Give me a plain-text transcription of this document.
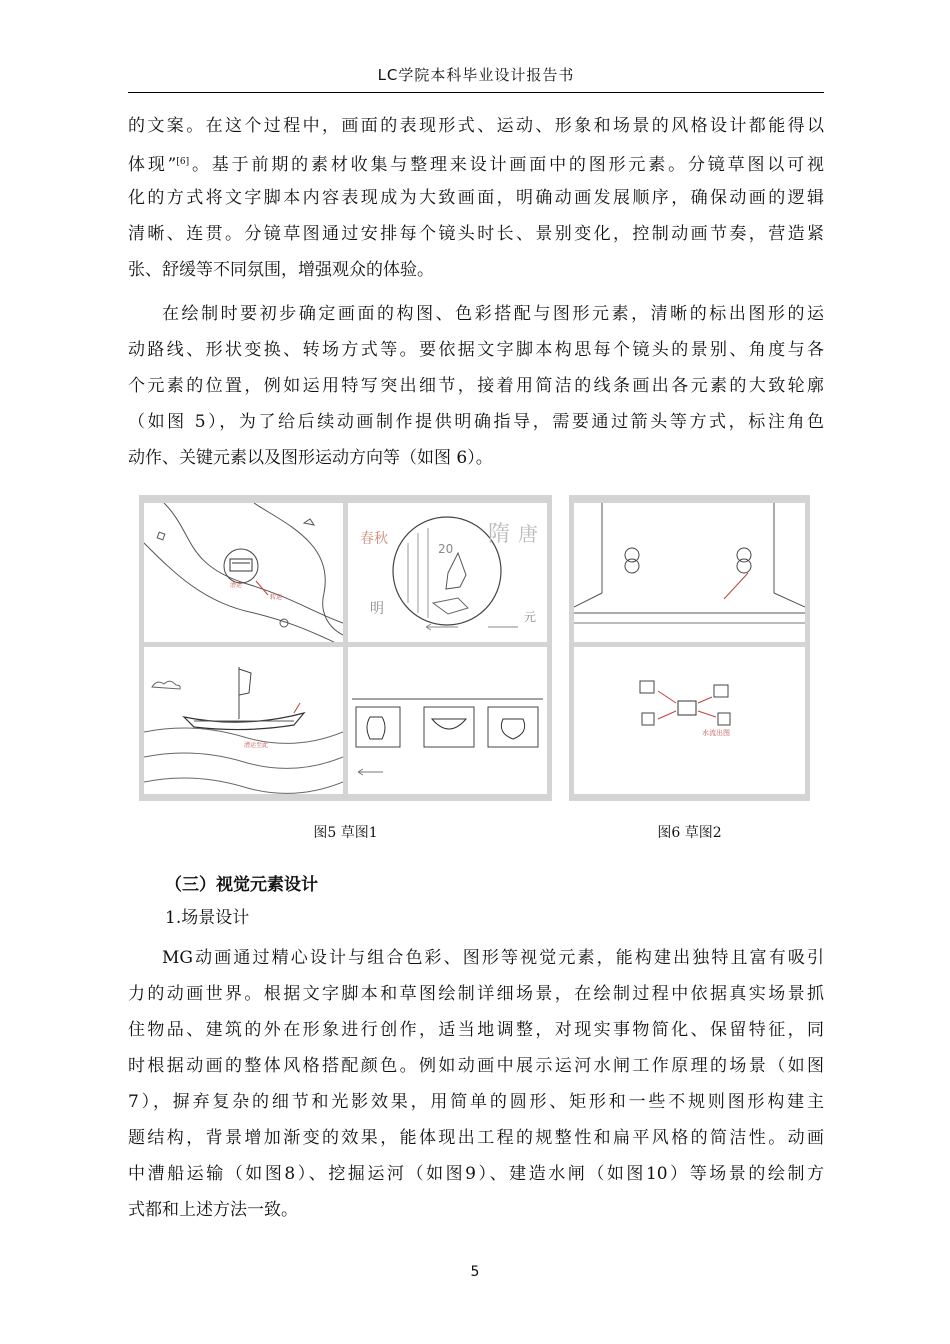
LC学院本科毕业设计报告书
的文案。在这个过程中，画面的表现形式、运动、形象和场景的风格设计都能得以
体现”[6]。基于前期的素材收集与整理来设计画面中的图形元素。分镜草图以可视
化的方式将文字脚本内容表现成为大致画面，明确动画发展顺序，确保动画的逻辑
清晰、连贯。分镜草图通过安排每个镜头时长、景别变化，控制动画节奏，营造紧
张、舒缓等不同氛围，增强观众的体验。
在绘制时要初步确定画面的构图、色彩搭配与图形元素，清晰的标出图形的运
动路线、形状变换、转场方式等。要依据文字脚本构思每个镜头的景别、角度与各
个元素的位置，例如运用特写突出细节，接着用简洁的线条画出各元素的大致轮廓
（如图 5），为了给后续动画制作提供明确指导，需要通过箭头等方式，标注角色
动作、关键元素以及图形运动方向等（如图 6）。
漕运
转运
春秋
20
隋 唐
明	元
漕运至此
图5 草图1
水流出图
图6 草图2
（三）视觉元素设计
1.场景设计
MG动画通过精心设计与组合色彩、图形等视觉元素，能构建出独特且富有吸引
力的动画世界。根据文字脚本和草图绘制详细场景，在绘制过程中依据真实场景抓
住物品、建筑的外在形象进行创作，适当地调整，对现实事物简化、保留特征，同
时根据动画的整体风格搭配颜色。例如动画中展示运河水闸工作原理的场景（如图
7），摒弃复杂的细节和光影效果，用简单的圆形、矩形和一些不规则图形构建主
题结构，背景增加渐变的效果，能体现出工程的规整性和扁平风格的简洁性。动画
中漕船运输（如图8）、挖掘运河（如图9）、建造水闸（如图10）等场景的绘制方
式都和上述方法一致。
5
